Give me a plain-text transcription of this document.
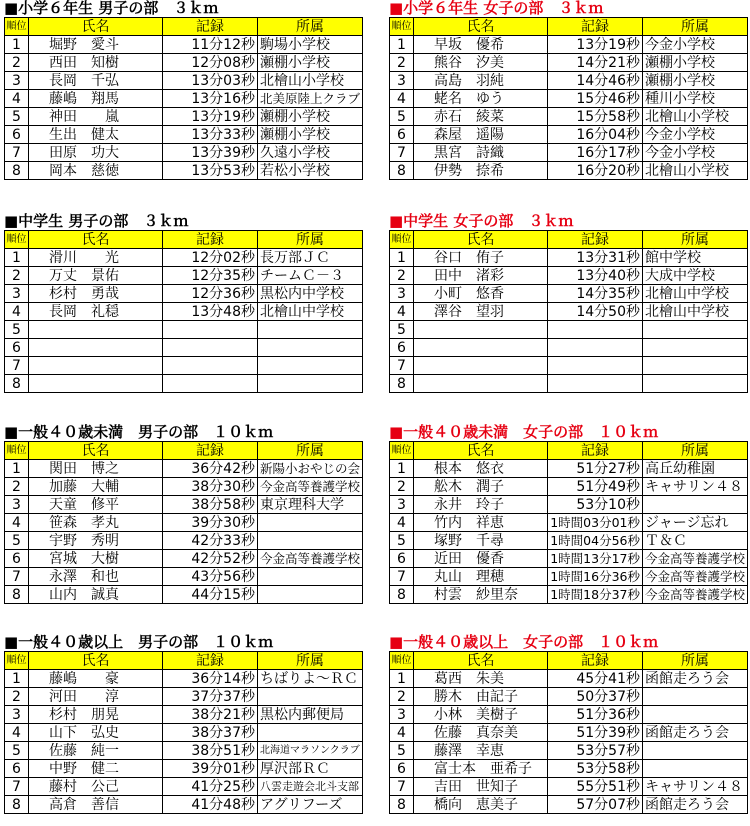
■小学６年生 男子の部　３ｋｍ
順位	氏名	記録	所属
1	堀野　愛斗	11分12秒	駒場小学校
2	西田　知樹	12分08秒	瀬棚小学校
3	長岡　千弘	13分03秒	北檜山小学校
4	藤嶋　翔馬	13分16秒	北美原陸上クラブ
5	神田　　嵐	13分19秒	瀬棚小学校
6	生出　健太	13分33秒	瀬棚小学校
7	田原　功大	13分39秒	久遠小学校
8	岡本　慈徳	13分53秒	若松小学校
■小学６年生 女子の部　３ｋｍ
順位	氏名	記録	所属
1	早坂　優希	13分19秒	今金小学校
2	熊谷　汐美	14分21秒	瀬棚小学校
3	高島　羽純	14分46秒	瀬棚小学校
4	蛯名　ゆう	15分46秒	種川小学校
5	赤石　綾菜	15分58秒	北檜山小学校
6	森屋　遥陽	16分04秒	今金小学校
7	黒宮　詩織	16分17秒	今金小学校
8	伊勢　捺希	16分20秒	北檜山小学校
■中学生 男子の部　３ｋｍ
順位	氏名	記録	所属
1	滑川　　光	12分02秒	長万部ＪＣ
2	万丈　景佑	12分35秒	チームＣ－３
3	杉村　勇哉	12分36秒	黒松内中学校
4	長岡　礼穏	13分48秒	北檜山中学校
5			
6			
7			
8			
■中学生 女子の部　３ｋｍ
順位	氏名	記録	所属
1	谷口　侑子	13分31秒	館中学校
2	田中　渚彩	13分40秒	大成中学校
3	小町　悠香	14分35秒	北檜山中学校
4	澤谷　望羽	14分50秒	北檜山中学校
5			
6			
7			
8			
■一般４０歳未満　男子の部　１０ｋｍ
順位	氏名	記録	所属
1	関田　博之	36分42秒	新陽小おやじの会
2	加藤　大輔	38分30秒	今金高等養護学校
3	天童　修平	38分58秒	東京理科大学
4	笹森　孝丸	39分30秒	
5	宇野　秀明	42分33秒	
6	宮城　大樹	42分52秒	今金高等養護学校
7	永澤　和也	43分56秒	
8	山内　誠真	44分15秒	
■一般４０歳未満　女子の部　１０ｋｍ
順位	氏名	記録	所属
1	根本　悠衣	51分27秒	高丘幼稚園
2	舩木　潤子	51分49秒	キャサリン４８
3	永井　玲子	53分10秒	
4	竹内　祥恵	1時間03分01秒	ジャージ忘れ
5	塚野　千尋	1時間04分56秒	Ｔ＆Ｃ
6	近田　優香	1時間13分17秒	今金高等養護学校
7	丸山　理穂	1時間16分36秒	今金高等養護学校
8	村雲　紗里奈	1時間18分37秒	今金高等養護学校
■一般４０歳以上　男子の部　１０ｋｍ
順位	氏名	記録	所属
1	藤嶋　　豪	36分14秒	ちばりよ～ＲＣ
2	河田　　淳	37分37秒	
3	杉村　朋晃	38分21秒	黒松内郵便局
4	山下　弘史	38分37秒	
5	佐藤　純一	38分51秒	北海道マラソンクラブ
6	中野　健二	39分01秒	厚沢部ＲＣ
7	藤村　公己	41分25秒	八雲走遊会北斗支部
8	高倉　善信	41分48秒	アグリフーズ
■一般４０歳以上　女子の部　１０ｋｍ
順位	氏名	記録	所属
1	葛西　朱美	45分41秒	函館走ろう会
2	勝木　由記子	50分37秒	
3	小林　美樹子	51分36秒	
4	佐藤　真奈美	51分39秒	函館走ろう会
5	藤澤　幸恵	53分57秒	
6	富士本　亜希子	53分58秒	
7	吉田　世知子	55分51秒	キャサリン４８
8	橋向　恵美子	57分07秒	函館走ろう会
